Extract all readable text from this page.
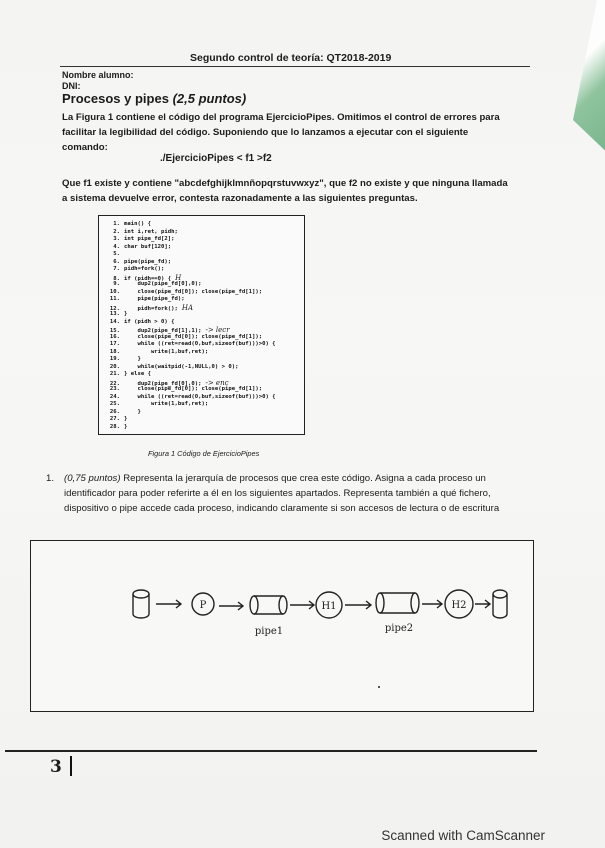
Segundo control de teoría: QT2018-2019
Nombre alumno:
DNI:
Procesos y pipes (2,5 puntos)
La Figura 1 contiene el código del programa EjercicioPipes. Omitimos el control de errores para
facilitar la legibilidad del código. Suponiendo que lo lanzamos a ejecutar con el siguiente comando:
./EjercicioPipes < f1 >f2
Que f1 existe y contiene "abcdefghijklmnñopqrstuvwxyz", que f2 no existe y que ninguna llamada
a sistema devuelve error, contesta razonadamente a las siguientes preguntas.
1. main() {
2. int i,ret, pidh;
3. int pipe_fd[2];
4. char buf[120];
5.
6. pipe(pipe_fd);
7. pidh=fork();
8. if (pidh==0) { H
9.    dup2(pipe_fd[0],0);
10.    close(pipe_fd[0]); close(pipe_fd[1]);
11.    pipe(pipe_fd);
12.    pidh=fork(); HA
13. }
14. if (pidh > 0) {
15.    dup2(pipe_fd[1],1); -> lecr
16.    close(pipe_fd[0]); close(pipe_fd[1]);
17.    while ((ret=read(0,buf,sizeof(buf)))>0) {
18.        write(1,buf,ret);
19.    }
20.    while(waitpid(-1,NULL,0) > 0);
21. } else {
22.    dup2(pipe_fd[0],0); -> enc
23.    close(pipe_fd[0]); close(pipe_fd[1]);
24.    while ((ret=read(0,buf,sizeof(buf)))>0) {
25.        write(1,buf,ret);
26.    }
27. }
28. }
Figura 1 Código de EjercicioPipes
1. (0,75 puntos) Representa la jerarquía de procesos que crea este código. Asigna a cada proceso un identificador para poder referirte a él en los siguientes apartados. Representa también a qué fichero, dispositivo o pipe accede cada proceso, indicando claramente si son accesos de lectura o de escritura
P	H1	H2
pipe1	pipe2
3
Scanned with CamScanner
